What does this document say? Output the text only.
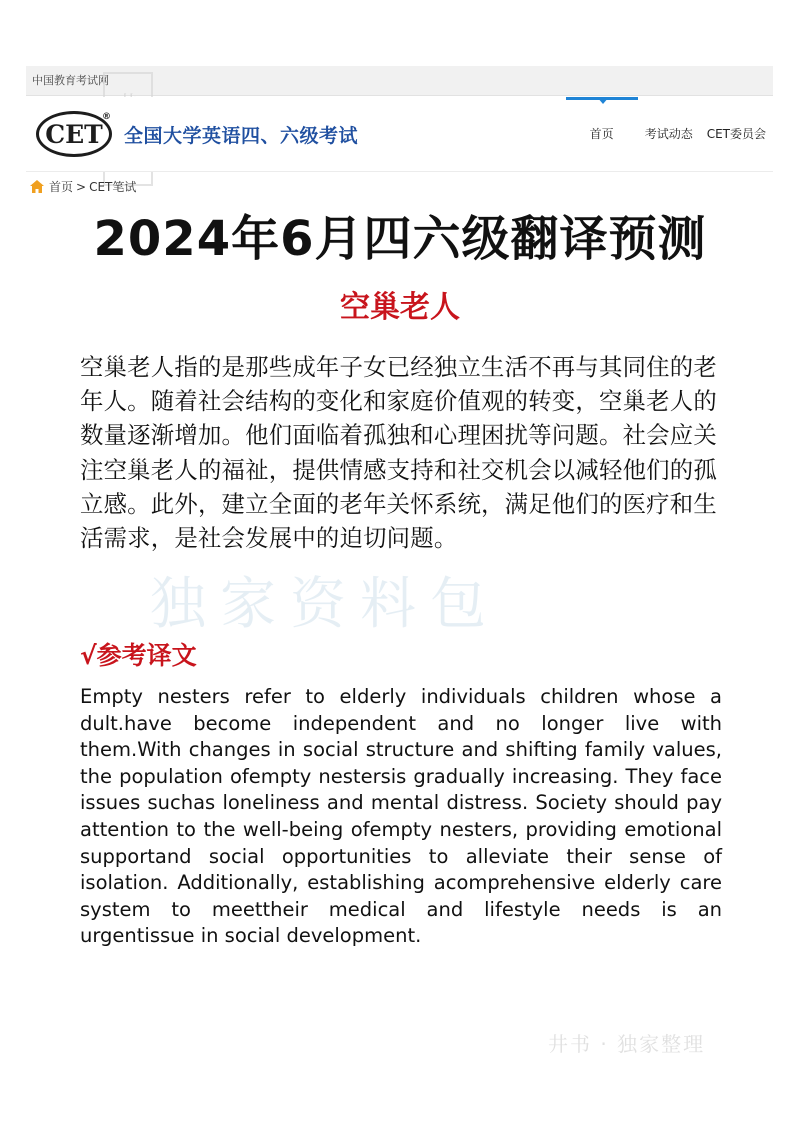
中国教育考试网
CET
®
全国大学英语四、六级考试	首页	考试动态	CET委员会
首页 > CET笔试
2024年6月四六级翻译预测
空巢老人
空巢老人指的是那些成年子女已经独立生活不再与其同住的老年人。随着社会结构的变化和家庭价值观的转变，空巢老人的数量逐渐增加。他们面临着孤独和心理困扰等问题。社会应关注空巢老人的福祉，提供情感支持和社交机会以减轻他们的孤立感。此外，建立全面的老年关怀系统，满足他们的医疗和生活需求，是社会发展中的迫切问题。
独家资料包
√参考译文
Empty nesters refer to elderly individuals children whose a dult.have become independent and no longer live with them.With changes in social structure and shifting family values, the population ofempty nestersis gradually increasing. They face issues suchas loneliness and mental distress. Society should pay attention to the well-being ofempty nesters, providing emotional supportand social opportunities to alleviate their sense of isolation. Additionally, establishing acomprehensive elderly care system to meettheir medical and lifestyle needs is an urgentissue in social development.
井书 · 独家整理
